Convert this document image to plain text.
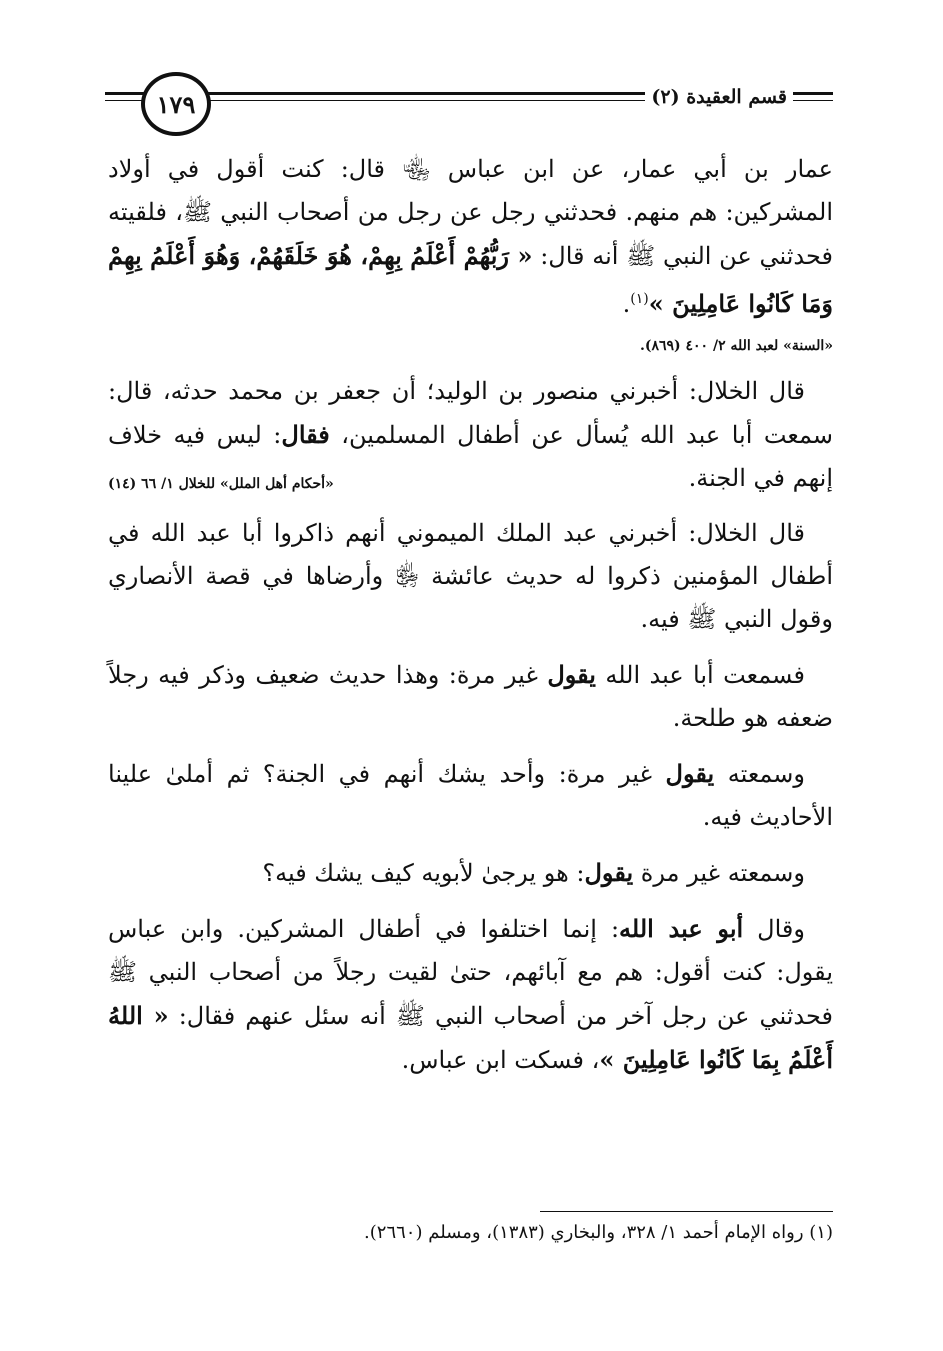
١٧٩	قسم العقيدة (٢)

عمار بن أبي عمار، عن ابن عباس ﵄ قال: كنت أقول في أولاد المشركين: هم منهم. فحدثني رجل عن رجل من أصحاب النبي ﷺ، فلقيته فحدثني عن النبي ﷺ أنه قال: « رَبُّهُمْ أَعْلَمُ بِهِمْ، هُوَ خَلَقَهُمْ، وَهُوَ أَعْلَمُ بِهِمْ وَمَا كَانُوا عَامِلِينَ »$^{(١)}$.

«السنة» لعبد الله ٢/ ٤٠٠ (٨٦٩).

قال الخلال: أخبرني منصور بن الوليد؛ أن جعفر بن محمد حدثه، قال: سمعت أبا عبد الله يُسأل عن أطفال المسلمين، فقال: ليس فيه خلاف إنهم في الجنة.
«أحكام أهل الملل» للخلال ١/ ٦٦ (١٤)

قال الخلال: أخبرني عبد الملك الميموني أنهم ذاكروا أبا عبد الله في أطفال المؤمنين ذكروا له حديث عائشة ﵂ وأرضاها في قصة الأنصاري وقول النبي ﷺ فيه.

فسمعت أبا عبد الله يقول غير مرة: وهذا حديث ضعيف وذكر فيه رجلاً ضعفه هو طلحة.

وسمعته يقول غير مرة: وأحد يشك أنهم في الجنة؟ ثم أملىٰ علينا الأحاديث فيه.

وسمعته غير مرة يقول: هو يرجىٰ لأبويه كيف يشك فيه؟

وقال أبو عبد الله: إنما اختلفوا في أطفال المشركين. وابن عباس يقول: كنت أقول: هم مع آبائهم، حتىٰ لقيت رجلاً من أصحاب النبي ﷺ فحدثني عن رجل آخر من أصحاب النبي ﷺ أنه سئل عنهم فقال: « اللهُ أَعْلَمُ بِمَا كَانُوا عَامِلِينَ »، فسكت ابن عباس.

(١) رواه الإمام أحمد ١/ ٣٢٨، والبخاري (١٣٨٣)، ومسلم (٢٦٦٠).
